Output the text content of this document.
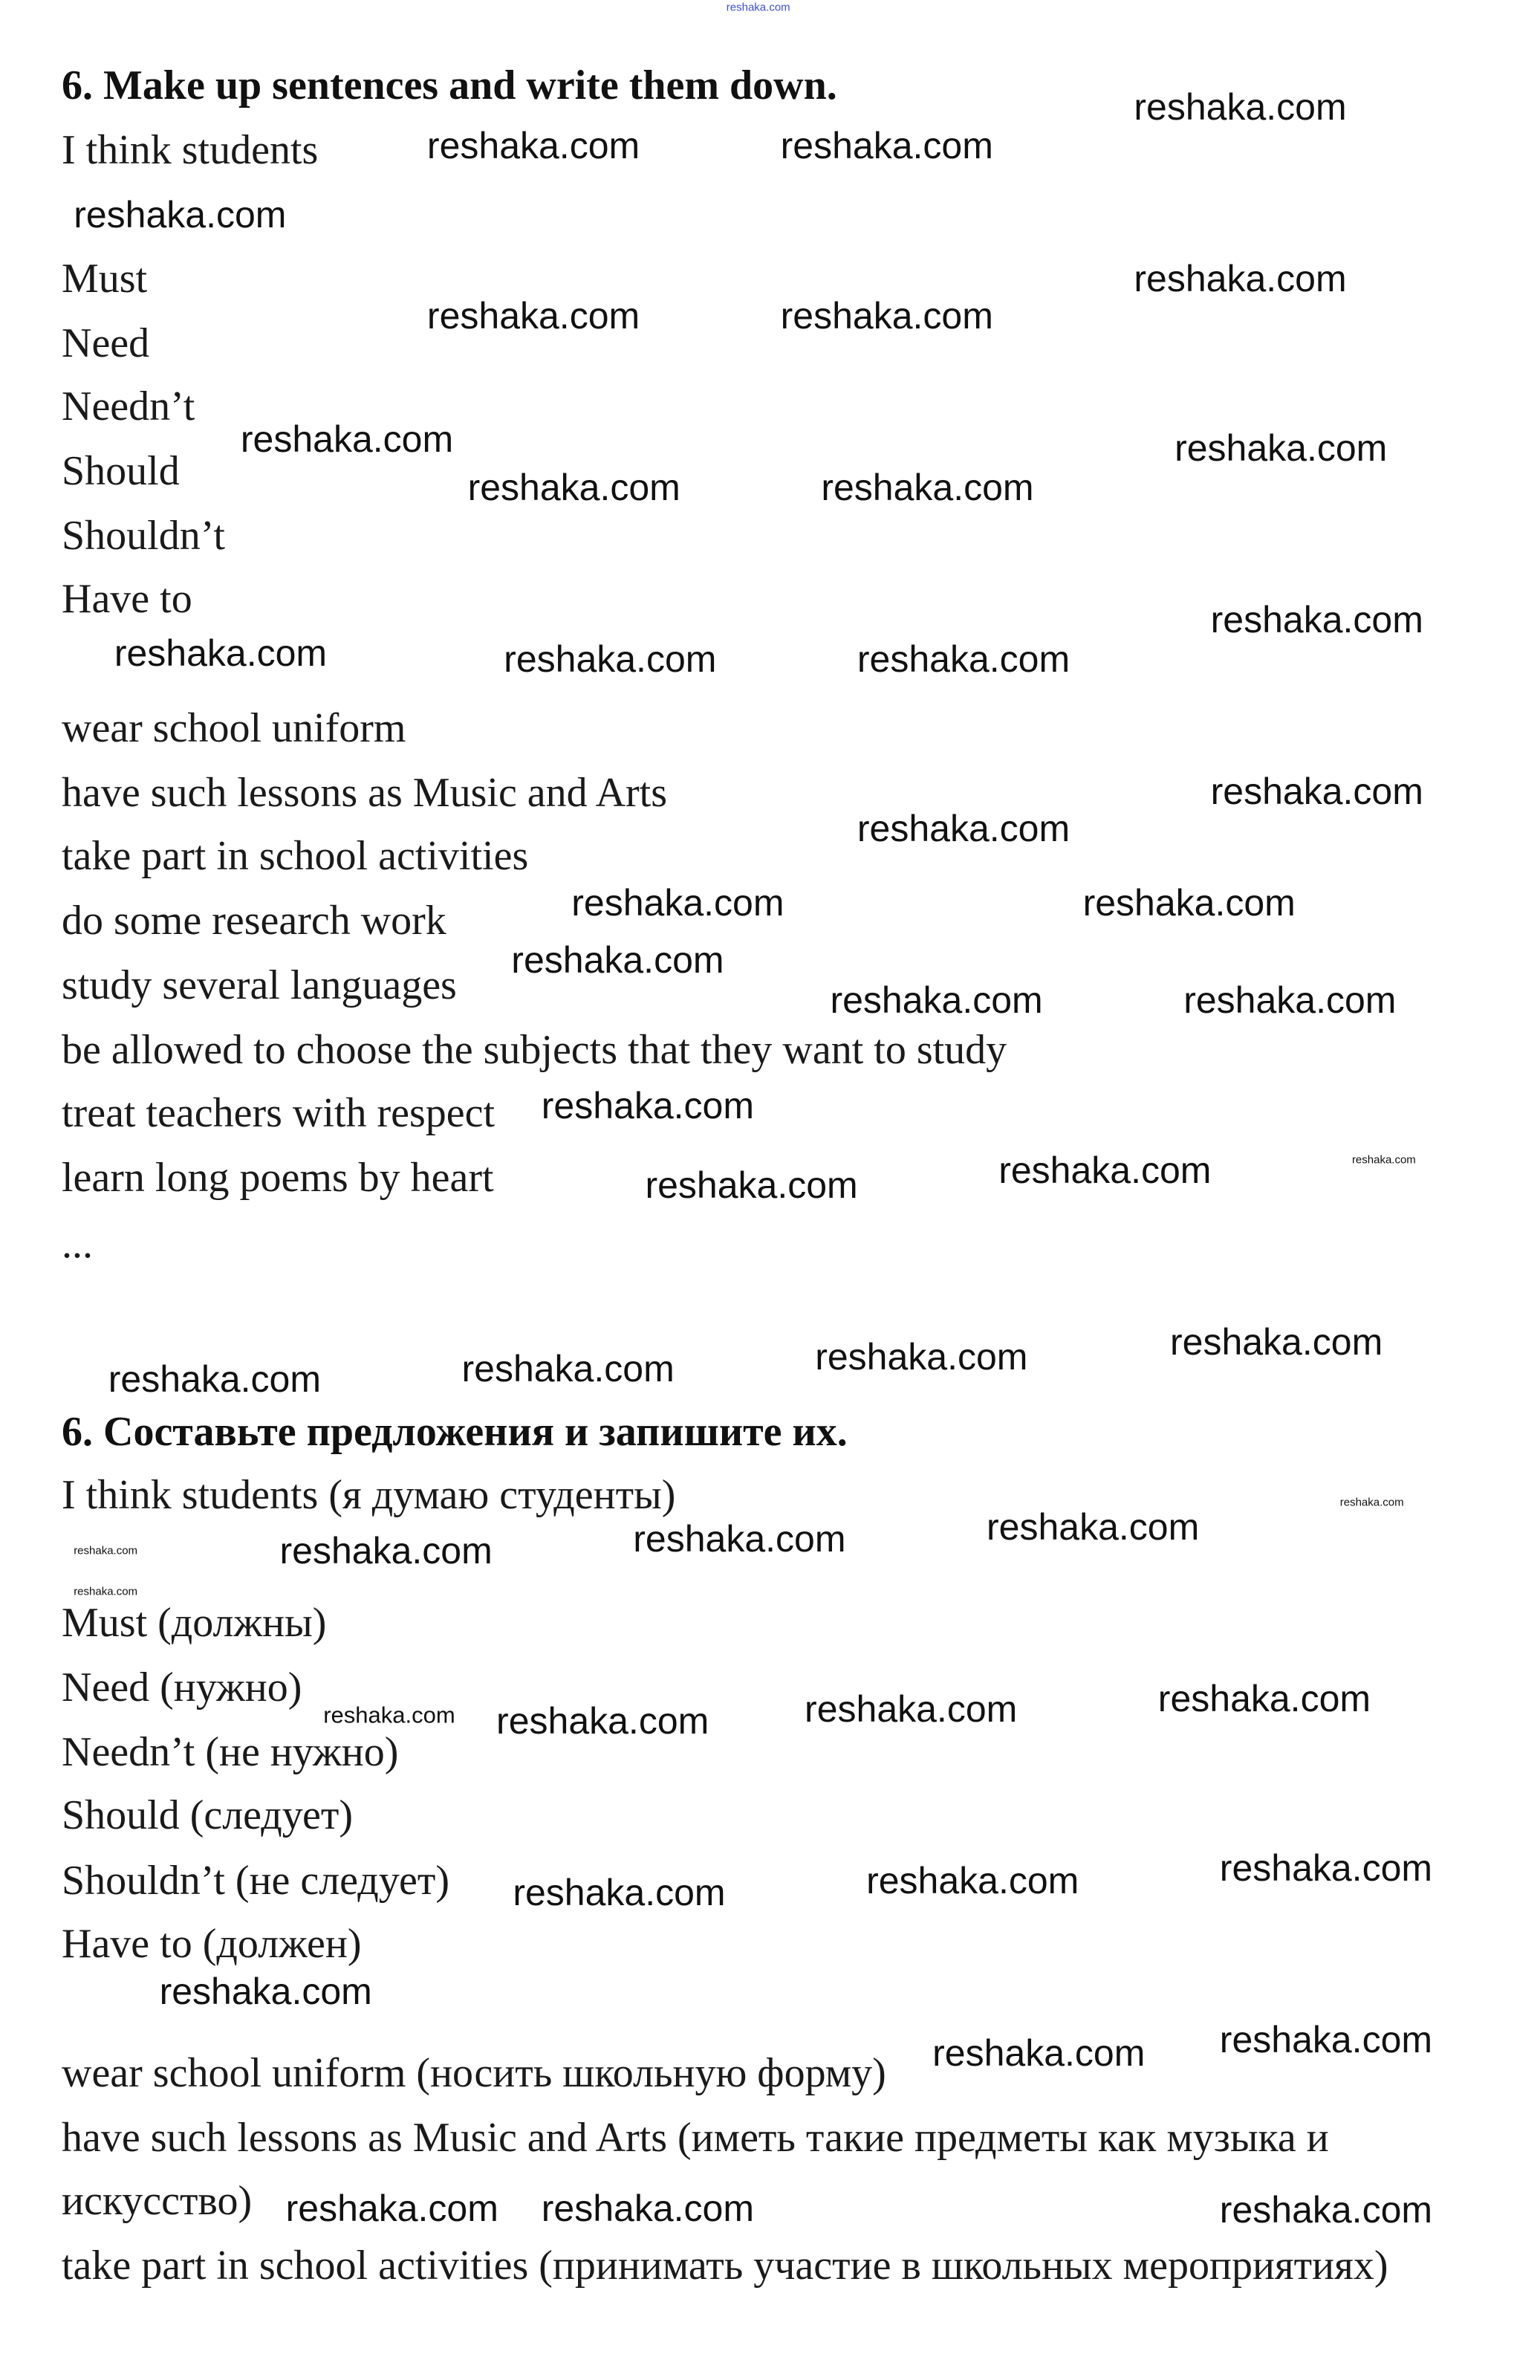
6. Make up sentences and write them down.
I think students
Must
Need
Needn’t
Should
Shouldn’t
Have to
wear school uniform
have such lessons as Music and Arts
take part in school activities
do some research work
study several languages
be allowed to choose the subjects that they want to study
treat teachers with respect
learn long poems by heart
...
6. Составьте предложения и запишите их.
I think students (я думаю студенты)
Must (должны)
Need (нужно)
Needn’t (не нужно)
Should (следует)
Shouldn’t (не следует)
Have to (должен)
wear school uniform (носить школьную форму)
have such lessons as Music and Arts (иметь такие предметы как музыка и
искусство)
take part in school activities (принимать участие в школьных мероприятиях)
reshaka.com
reshaka.com
reshaka.com	reshaka.com
reshaka.com
reshaka.com
reshaka.com	reshaka.com
reshaka.com	reshaka.com
reshaka.com	reshaka.com
reshaka.com
reshaka.com	reshaka.com	reshaka.com
reshaka.com
reshaka.com
reshaka.com
reshaka.com
reshaka.com
reshaka.com	reshaka.com
reshaka.com
reshaka.com	reshaka.com	reshaka.com
reshaka.com
reshaka.com	reshaka.com	reshaka.com
reshaka.com
reshaka.com	reshaka.com	reshaka.com	reshaka.com
reshaka.com
reshaka.com reshaka.com	reshaka.com	reshaka.com
reshaka.com	reshaka.com	reshaka.com
reshaka.com
reshaka.com
reshaka.com
reshaka.com reshaka.com	reshaka.com
